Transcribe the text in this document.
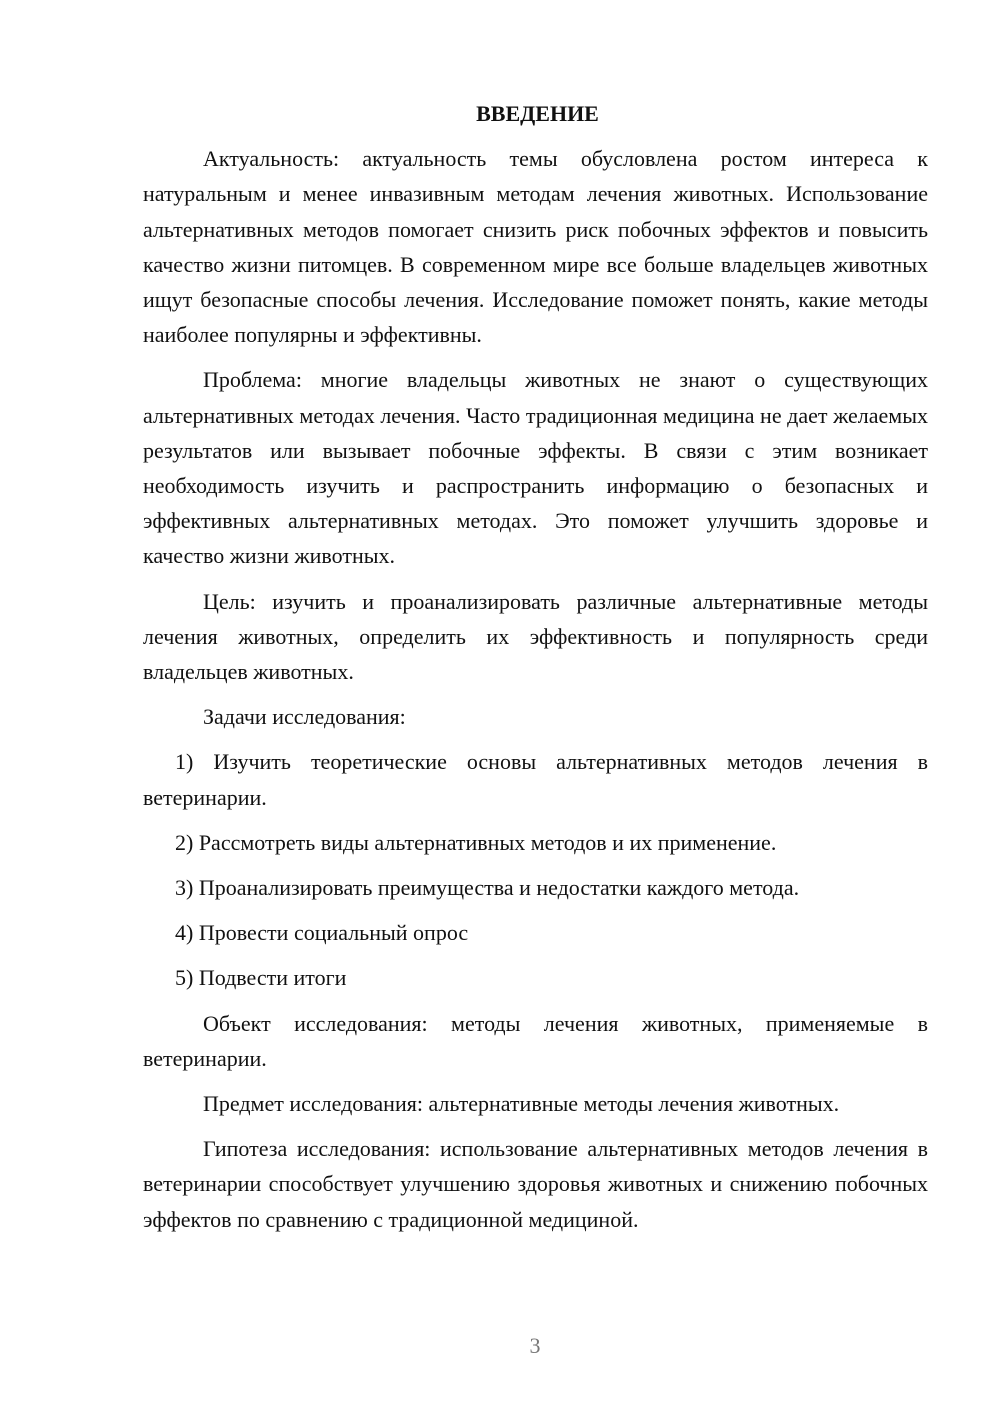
ВВЕДЕНИЕ

Актуальность: актуальность темы обусловлена ростом интереса к натуральным и менее инвазивным методам лечения животных. Использование альтернативных методов помогает снизить риск побочных эффектов и повысить качество жизни питомцев. В современном мире все больше владельцев животных ищут безопасные способы лечения. Исследование поможет понять, какие методы наиболее популярны и эффективны.

Проблема: многие владельцы животных не знают о существующих альтернативных методах лечения. Часто традиционная медицина не дает желаемых результатов или вызывает побочные эффекты. В связи с этим возникает необходимость изучить и распространить информацию о безопасных и эффективных альтернативных методах. Это поможет улучшить здоровье и качество жизни животных.

Цель: изучить и проанализировать различные альтернативные методы лечения животных, определить их эффективность и популярность среди владельцев животных.

Задачи исследования:

1) Изучить теоретические основы альтернативных методов лечения в ветеринарии.

2) Рассмотреть виды альтернативных методов и их применение.

3) Проанализировать преимущества и недостатки каждого метода.

4) Провести социальный опрос

5) Подвести итоги

Объект исследования: методы лечения животных, применяемые в ветеринарии.

Предмет исследования: альтернативные методы лечения животных.

Гипотеза исследования: использование альтернативных методов лечения в ветеринарии способствует улучшению здоровья животных и снижению побочных эффектов по сравнению с традиционной медициной.

3
